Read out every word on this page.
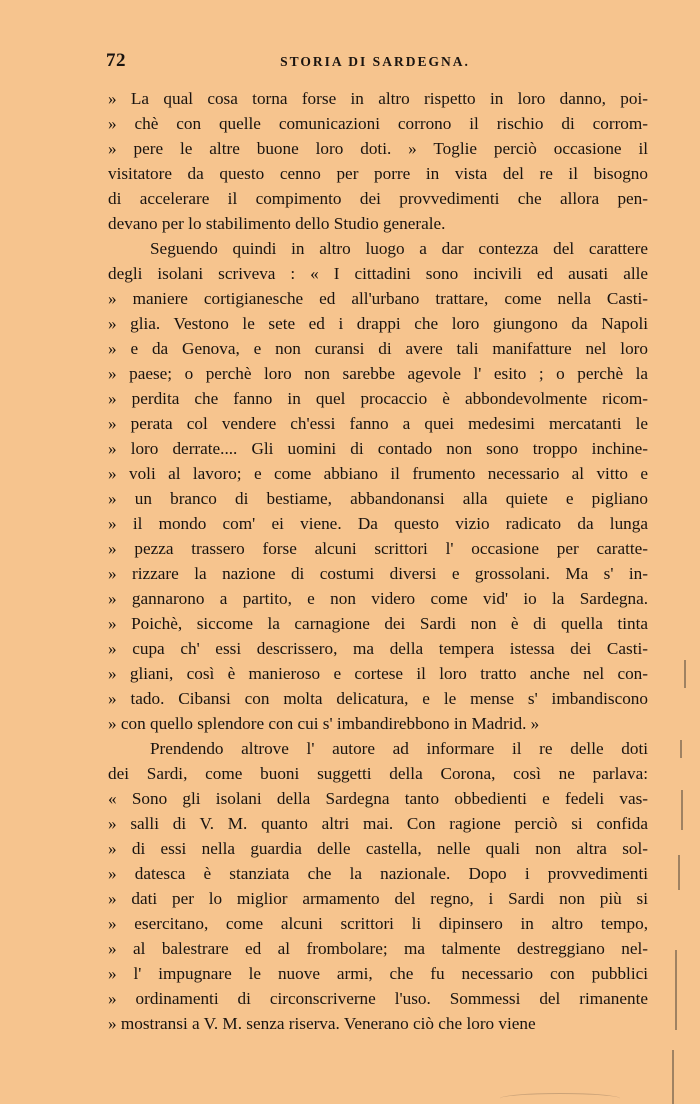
72	STORIA DI SARDEGNA.
» La qual cosa torna forse in altro rispetto in loro danno, poi-
» chè con quelle comunicazioni corrono il rischio di corrom-
» pere le altre buone loro doti. » Toglie perciò occasione il
visitatore da questo cenno per porre in vista del re il bisogno
di accelerare il compimento dei provvedimenti che allora pen-
devano per lo stabilimento dello Studio generale.
Seguendo quindi in altro luogo a dar contezza del carattere
degli isolani scriveva : « I cittadini sono incivili ed ausati alle
» maniere cortigianesche ed all'urbano trattare, come nella Casti-
» glia. Vestono le sete ed i drappi che loro giungono da Napoli
» e da Genova, e non curansi di avere tali manifatture nel loro
» paese; o perchè loro non sarebbe agevole l' esito ; o perchè la
» perdita che fanno in quel procaccio è abbondevolmente ricom-
» perata col vendere ch'essi fanno a quei medesimi mercatanti le
» loro derrate.... Gli uomini di contado non sono troppo inchine-
» voli al lavoro; e come abbiano il frumento necessario al vitto e
» un branco di bestiame, abbandonansi alla quiete e pigliano
» il mondo com' ei viene. Da questo vizio radicato da lunga
» pezza trassero forse alcuni scrittori l' occasione per caratte-
» rizzare la nazione di costumi diversi e grossolani. Ma s' in-
» gannarono a partito, e non videro come vid' io la Sardegna.
» Poichè, siccome la carnagione dei Sardi non è di quella tinta
» cupa ch' essi descrissero, ma della tempera istessa dei Casti-
» gliani, così è manieroso e cortese il loro tratto anche nel con-
» tado. Cibansi con molta delicatura, e le mense s' imbandiscono
» con quello splendore con cui s' imbandirebbono in Madrid. »
Prendendo altrove l' autore ad informare il re delle doti
dei Sardi, come buoni suggetti della Corona, così ne parlava:
« Sono gli isolani della Sardegna tanto obbedienti e fedeli vas-
» salli di V. M. quanto altri mai. Con ragione perciò si confida
» di essi nella guardia delle castella, nelle quali non altra sol-
» datesca è stanziata che la nazionale. Dopo i provvedimenti
» dati per lo miglior armamento del regno, i Sardi non più si
» esercitano, come alcuni scrittori li dipinsero in altro tempo,
» al balestrare ed al frombolare; ma talmente destreggiano nel-
» l' impugnare le nuove armi, che fu necessario con pubblici
» ordinamenti di circonscriverne l'uso. Sommessi del rimanente
» mostransi a V. M. senza riserva. Venerano ciò che loro viene
